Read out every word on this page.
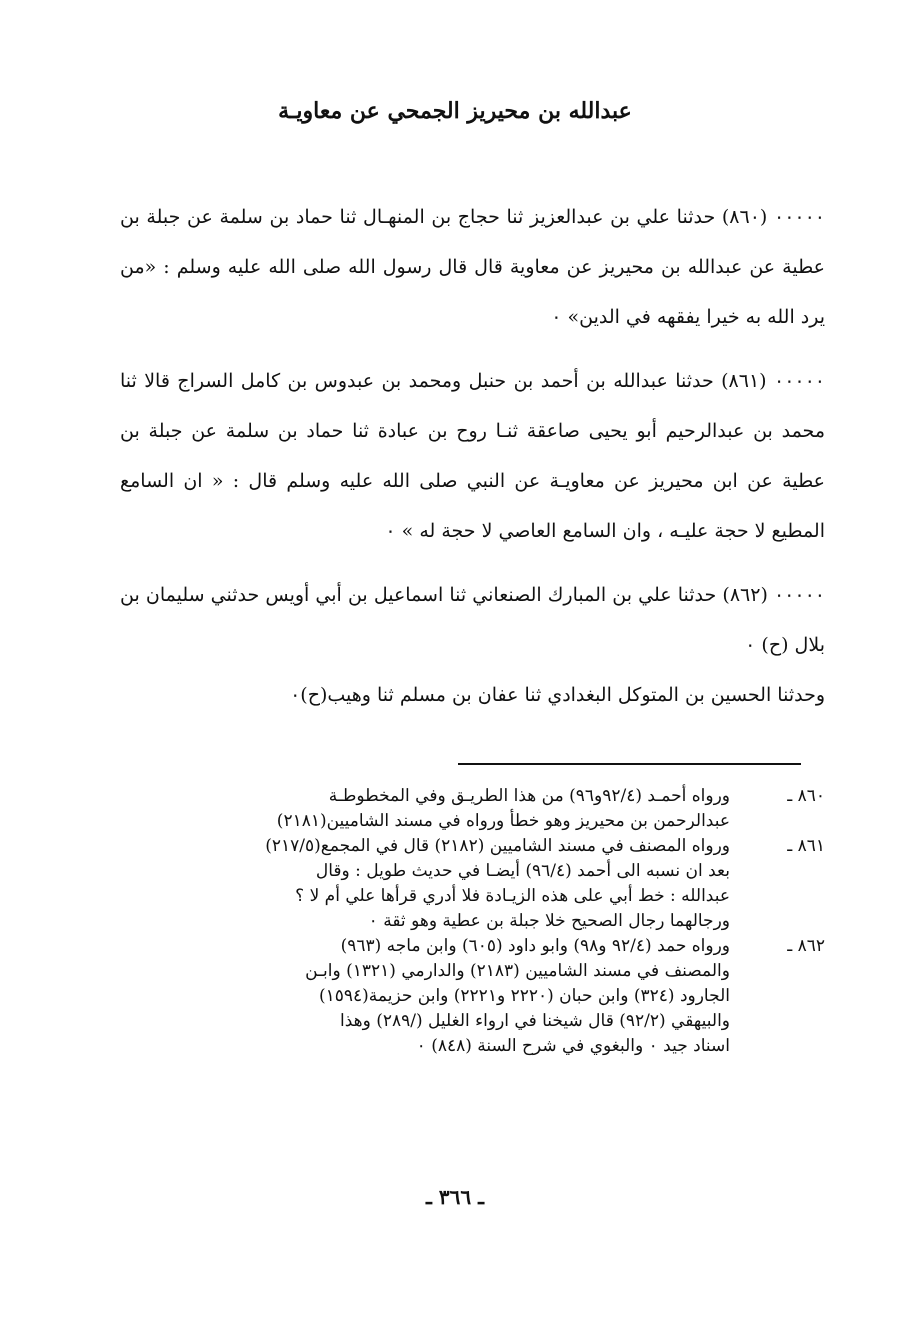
عبدالله بن محيريز الجمحي عن معاويـة

٠٠٠٠٠ (٨٦٠) حدثنا علي بن عبدالعزيز ثنا حجاج بن المنهـال ثنا حماد بن سلمة عن جبلة بن عطية عن عبدالله بن محيريز عن معاوية قال قال رسول الله صلى الله عليه وسلم : «من يرد الله به خيرا يفقهه في الدين» ٠

٠٠٠٠٠ (٨٦١) حدثنا عبدالله بن أحمد بن حنبل ومحمد بن عبدوس بن كامل السراج قالا ثنا محمد بن عبدالرحيم أبو يحيى صاعقة ثنـا روح بن عبادة ثنا حماد بن سلمة عن جبلة بن عطية عن ابن محيريز عن معاويـة عن النبي صلى الله عليه وسلم قال : « ان السامع المطيع لا حجة عليـه ، وان السامع العاصي لا حجة له » ٠

٠٠٠٠٠ (٨٦٢) حدثنا علي بن المبارك الصنعاني ثنا اسماعيل بن أبي أويس حدثني سليمان بن بلال (ح) ٠

وحدثنا الحسين بن المتوكل البغدادي ثنا عفان بن مسلم ثنا وهيب(ح)٠

٨٦٠ ـ
ورواه أحمـد (٩٢/٤و٩٦) من هذا الطريـق وفي المخطوطـة
عبدالرحمن بن محيريز وهو خطأ ورواه في مسند الشاميين(٢١٨١)
٨٦١ ـ
ورواه المصنف في مسند الشاميين (٢١٨٢) قال في المجمع(٢١٧/٥)
بعد ان نسبه الى أحمد (٩٦/٤) أيضـا في حديث طويل : وقال
عبدالله : خط أبي على هذه الزيـادة فلا أدري قرأها علي أم لا ؟
ورجالهما رجال الصحيح خلا جبلة بن عطية وهو ثقة ٠
٨٦٢ ـ
ورواه حمد (٩٢/٤ و٩٨) وابو داود (٦٠٥) وابن ماجه (٩٦٣)
والمصنف في مسند الشاميين (٢١٨٣) والدارمي (١٣٢١) وابـن
الجارود (٣٢٤) وابن حبان (٢٢٢٠ و٢٢٢١) وابن حزيمة(١٥٩٤)
والبيهقي (٩٢/٢) قال شيخنا في ارواء الغليل (/٢٨٩) وهذا
اسناد جيد ٠ والبغوي في شرح السنة (٨٤٨) ٠
ـ ٣٦٦ ـ
